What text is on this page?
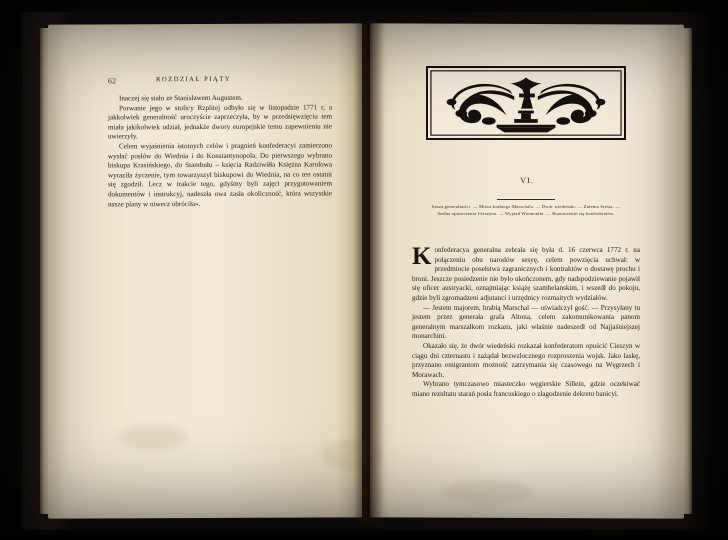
62	ROZDZIAŁ PIĄTY

Inaczej się stało ze Stanisławem Augustem.

Porwanie jego w stolicy Rzplitej odbyło się w listopadzie 1771 r, a jakkolwiek generalność uroczyście zaprzeczyła, by w przedsięwzięciu tem miała jakikolwiek udział, jednakże dwory europejskie temu zapewnieniu nie uwierzyły.

Celem wyjaśnienia istotnych celów i pragnień konfederacyi zamierzono wysłać posłów do Wiednia i do Konstantynopola. Do pierwszego wybrano biskupa Krasińskiego, do Stambułu – księcia Radziwiłła Księżna Karolowa wyraziła życzenie, tym towarzyszył biskupowi do Wiednia, na co ten ostatni się zgodził. Lecz w trakcie tego, gdyśmy byli zajęci przygotowaniem dokumentów i instrukcyj, nadeszła owa zasła okoliczność, która wszystkie nasze plany w niwecz obróciła».

VI.
Sasza generalności. — Mowa krabiego Marschala. — Dwór wiedeński. — Zniema Sresta. —
Sasłaz opuszczenia Cieszyna. — Wyjazd Wiemoniła. — Rozrzucenie się konfederatów.

Konfederacya generalna zebrała się była d. 16 czerwca 1772 r. na połączeniu obu narodów sesyę, celem powzięcia uchwał: w przedmiocie posełstwa zagranicznych i kontraktów o dostawę prochu i broni. Jeszcze posiedzenie nie było ukończonem, gdy nadspodziewanie pojawił się oficer austryacki, oznajmiając książę szambelanskim, i wszedł do pokoju, gdzie byli zgromadzeni adjutanci i urzędnicy rozmaitych wydziałów.

— Jestem majorem, hrabią Marschal — oświadczył gość. — Przysyłany tu jestem przez generała grafa Altona, celem zakomunikowania panom generalnym marszałkom rozkazu, jaki właśnie nadeszedł od Najjaśniejszej monarchini.

Okazało się, że dwór wiedeński rozkazał konfederatom opuścić Cieszyn w ciągu dni czternastu i zażądał bezwzlocznego rozproszenia wojsk. Jako łaskę, przyznano emigrantom możność zatrzymania się czasowego na Węgrzech i Morawach.

Wybrano tymczasowo miasteczko węgierskie Sillein, gdzie oczekiwać miano rezultatu starań posła francuskiego o złagodzenie dekretu banicyi.
